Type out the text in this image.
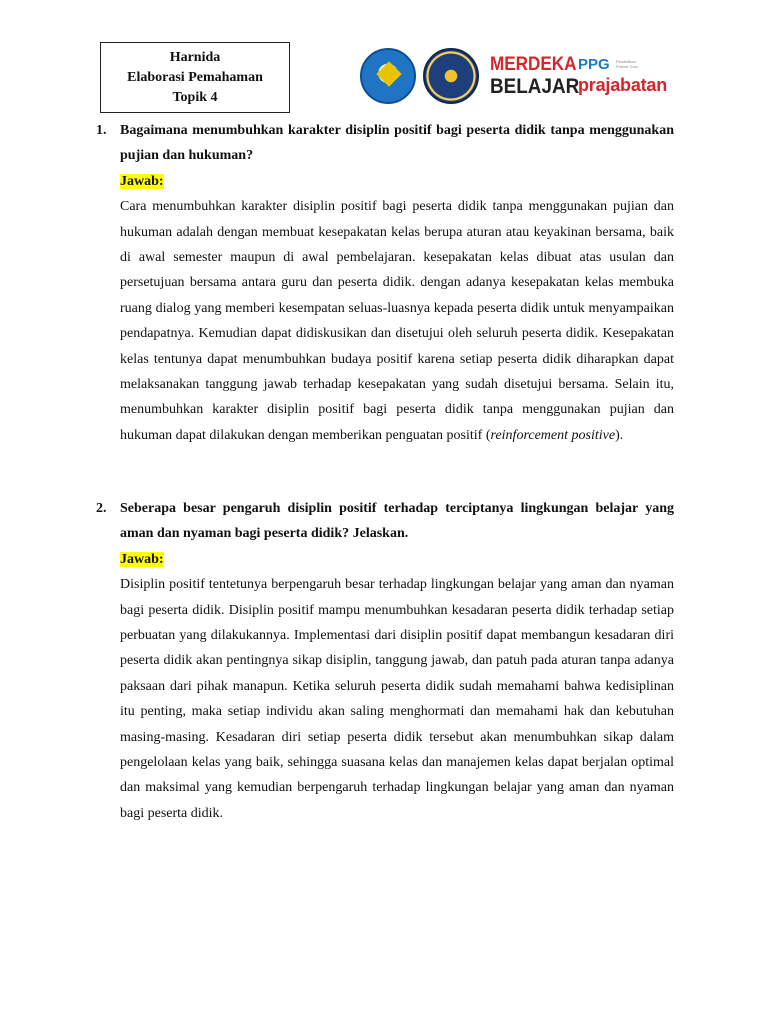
Harnida
Elaborasi Pemahaman
Topik 4
MERDEKA
BELAJAR
PPG	Pendidikan Profesi Guru
prajabatan
1. Bagaimana menumbuhkan karakter disiplin positif bagi peserta didik tanpa menggunakan pujian dan hukuman?
Jawab:
Cara menumbuhkan karakter disiplin positif bagi peserta didik tanpa menggunakan pujian dan hukuman adalah dengan membuat kesepakatan kelas berupa aturan atau keyakinan bersama, baik di awal semester maupun di awal pembelajaran. kesepakatan kelas dibuat atas usulan dan persetujuan bersama antara guru dan peserta didik. dengan adanya kesepakatan kelas membuka ruang dialog yang memberi kesempatan seluas-luasnya kepada peserta didik untuk menyampaikan pendapatnya. Kemudian dapat didiskusikan dan disetujui oleh seluruh peserta didik. Kesepakatan kelas tentunya dapat menumbuhkan budaya positif karena setiap peserta didik diharapkan dapat melaksanakan tanggung jawab terhadap kesepakatan yang sudah disetujui bersama. Selain itu, menumbuhkan karakter disiplin positif bagi peserta didik tanpa menggunakan pujian dan hukuman dapat dilakukan dengan memberikan penguatan positif (reinforcement positive).
2. Seberapa besar pengaruh disiplin positif terhadap terciptanya lingkungan belajar yang aman dan nyaman bagi peserta didik? Jelaskan.
Jawab:
Disiplin positif tentetunya berpengaruh besar terhadap lingkungan belajar yang aman dan nyaman bagi peserta didik. Disiplin positif mampu menumbuhkan kesadaran peserta didik terhadap setiap perbuatan yang dilakukannya. Implementasi dari disiplin positif dapat membangun kesadaran diri peserta didik akan pentingnya sikap disiplin, tanggung jawab, dan patuh pada aturan tanpa adanya paksaan dari pihak manapun. Ketika seluruh peserta didik sudah memahami bahwa kedisiplinan itu penting, maka setiap individu akan saling menghormati dan memahami hak dan kebutuhan masing-masing. Kesadaran diri setiap peserta didik tersebut akan menumbuhkan sikap dalam pengelolaan kelas yang baik, sehingga suasana kelas dan manajemen kelas dapat berjalan optimal dan maksimal yang kemudian berpengaruh terhadap lingkungan belajar yang aman dan nyaman bagi peserta didik.
